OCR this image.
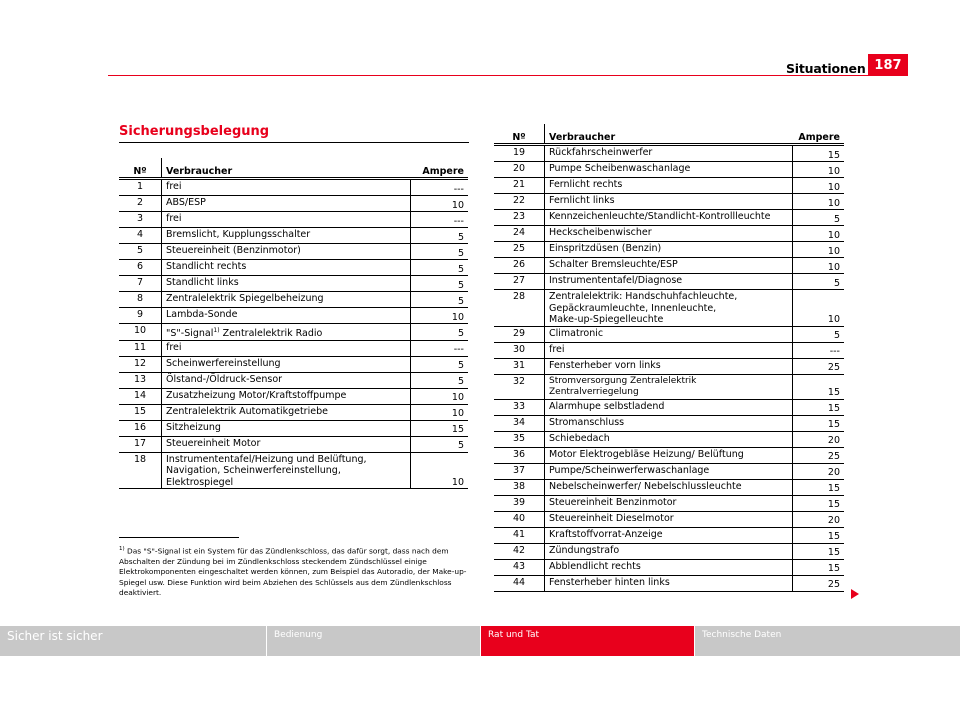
Situationen 187
Sicherungsbelegung
Nº	Verbraucher	Ampere
1	frei	---
2	ABS/ESP	10
3	frei	---
4	Bremslicht, Kupplungsschalter	5
5	Steuereinheit (Benzinmotor)	5
6	Standlicht rechts	5
7	Standlicht links	5
8	Zentralelektrik Spiegelbeheizung	5
9	Lambda-Sonde	10
10	"S"-Signal$^{1)}$ Zentralelektrik Radio	5
11	frei	---
12	Scheinwerfereinstellung	5
13	Ölstand-/Öldruck-Sensor	5
14	Zusatzheizung Motor/Kraftstoffpumpe	10
15	Zentralelektrik Automatikgetriebe	10
16	Sitzheizung	15
17	Steuereinheit Motor	5
18	Instrumententafel/Heizung und Belüftung,
Navigation, Scheinwerfereinstellung,
Elektrospiegel	10
Nº	Verbraucher	Ampere
19	Rückfahrscheinwerfer	15
20	Pumpe Scheibenwaschanlage	10
21	Fernlicht rechts	10
22	Fernlicht links	10
23	Kennzeichenleuchte/Standlicht-Kontrollleuchte	5
24	Heckscheibenwischer	10
25	Einspritzdüsen (Benzin)	10
26	Schalter Bremsleuchte/ESP	10
27	Instrumententafel/Diagnose	5
28	Zentralelektrik: Handschuhfachleuchte,
Gepäckraumleuchte, Innenleuchte,
Make-up-Spiegelleuchte	10
29	Climatronic	5
30	frei	---
31	Fensterheber vorn links	25
32	Stromversorgung Zentralelektrik Zentralverriegelung	15
33	Alarmhupe selbstladend	15
34	Stromanschluss	15
35	Schiebedach	20
36	Motor Elektrogebläse Heizung/ Belüftung	25
37	Pumpe/Scheinwerferwaschanlage	20
38	Nebelscheinwerfer/ Nebelschlussleuchte	15
39	Steuereinheit Benzinmotor	15
40	Steuereinheit Dieselmotor	20
41	Kraftstoffvorrat-Anzeige	15
42	Zündungstrafo	15
43	Abblendlicht rechts	15
44	Fensterheber hinten links	25
$^{1)}$ Das "S"-Signal ist ein System für das Zündlenkschloss, das dafür sorgt, dass nach dem Abschalten der Zündung bei im Zündlenkschloss steckendem Zündschlüssel einige Elektrokomponenten eingeschaltet werden können, zum Beispiel das Autoradio, der Make-up-Spiegel usw. Diese Funktion wird beim Abziehen des Schlüssels aus dem Zündlenkschloss deaktiviert.
Sicher ist sicher	Bedienung	Rat und Tat	Technische Daten
